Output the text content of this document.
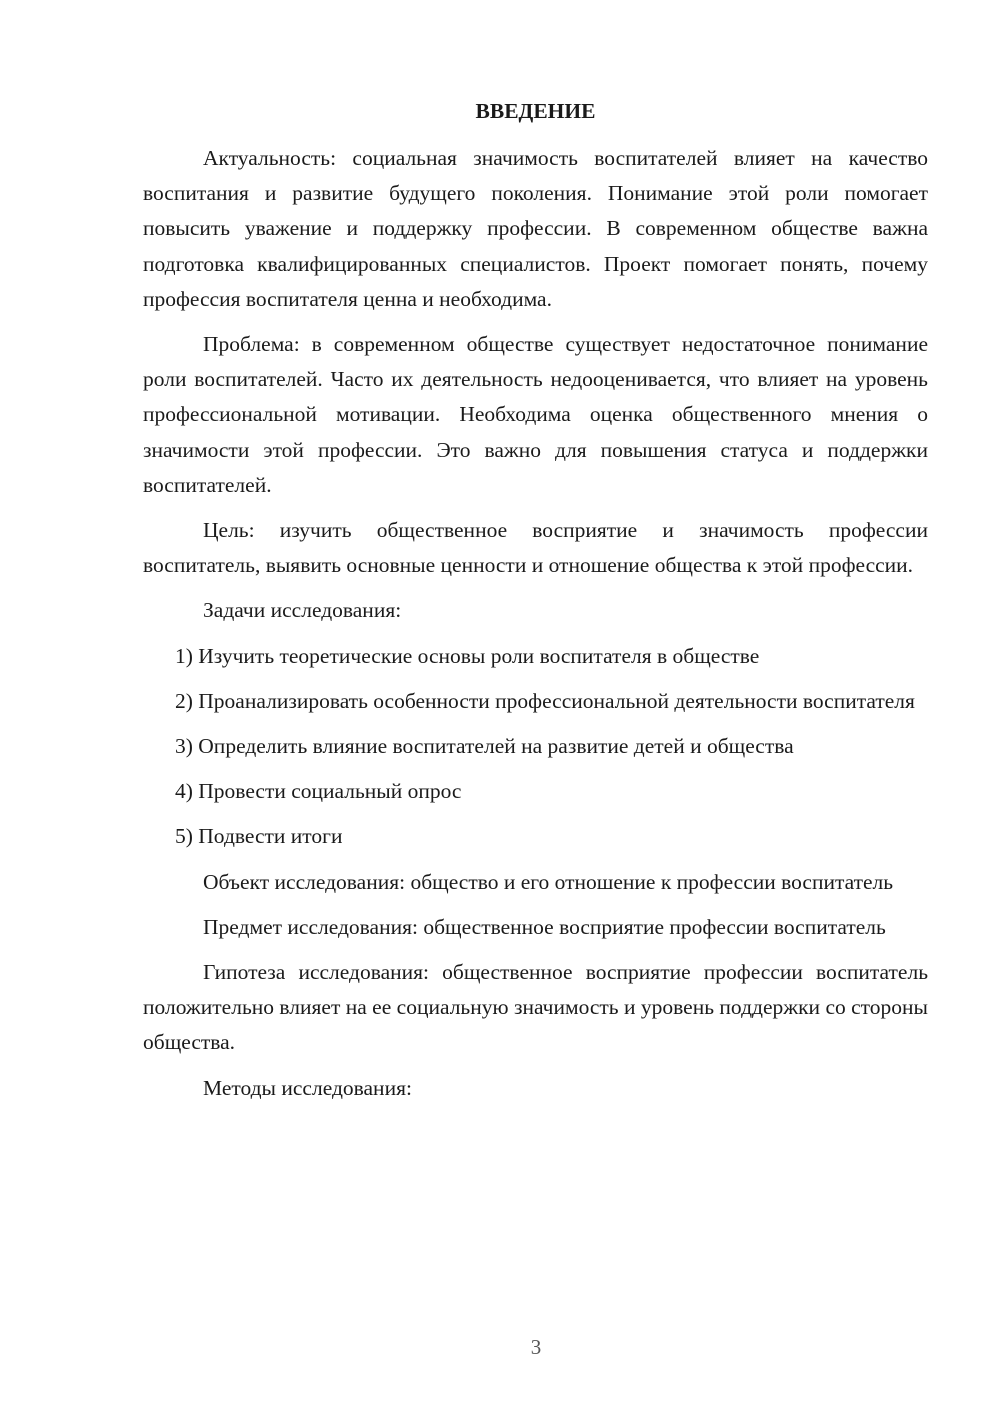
ВВЕДЕНИЕ

Актуальность: социальная значимость воспитателей влияет на качество воспитания и развитие будущего поколения. Понимание этой роли помогает повысить уважение и поддержку профессии. В современном обществе важна подготовка квалифицированных специалистов. Проект помогает понять, почему профессия воспитателя ценна и необходима.

Проблема: в современном обществе существует недостаточное понимание роли воспитателей. Часто их деятельность недооценивается, что влияет на уровень профессиональной мотивации. Необходима оценка общественного мнения о значимости этой профессии. Это важно для повышения статуса и поддержки воспитателей.

Цель: изучить общественное восприятие и значимость профессии воспитатель, выявить основные ценности и отношение общества к этой профессии.

Задачи исследования:

1) Изучить теоретические основы роли воспитателя в обществе

2) Проанализировать особенности профессиональной деятельности воспитателя

3) Определить влияние воспитателей на развитие детей и общества

4) Провести социальный опрос

5) Подвести итоги

Объект исследования: общество и его отношение к профессии воспитатель

Предмет исследования: общественное восприятие профессии воспитатель

Гипотеза исследования: общественное восприятие профессии воспитатель положительно влияет на ее социальную значимость и уровень поддержки со стороны общества.

Методы исследования:

3
